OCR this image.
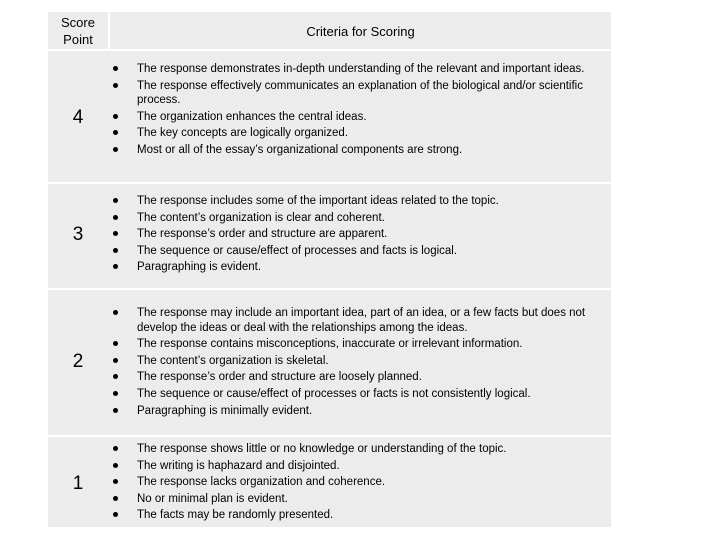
Score
Point
Criteria for Scoring
4
The response demonstrates in-depth understanding of the relevant and important ideas.
The response effectively communicates an explanation of the biological and/or scientific process.
The organization enhances the central ideas.
The key concepts are logically organized.
Most or all of the essay’s organizational components are strong.
3
The response includes some of the important ideas related to the topic.
The content’s organization is clear and coherent.
The response’s order and structure are apparent.
The sequence or cause/effect of processes and facts is logical.
Paragraphing is evident.
2
The response may include an important idea, part of an idea, or a few facts but does not develop the ideas or deal with the relationships among the ideas.
The response contains misconceptions, inaccurate or irrelevant information.
The content’s organization is skeletal.
The response’s order and structure are loosely planned.
The sequence or cause/effect of processes or facts is not consistently logical.
Paragraphing is minimally evident.
1
The response shows little or no knowledge or understanding of the topic.
The writing is haphazard and disjointed.
The response lacks organization and coherence.
No or minimal plan is evident.
The facts may be randomly presented.
